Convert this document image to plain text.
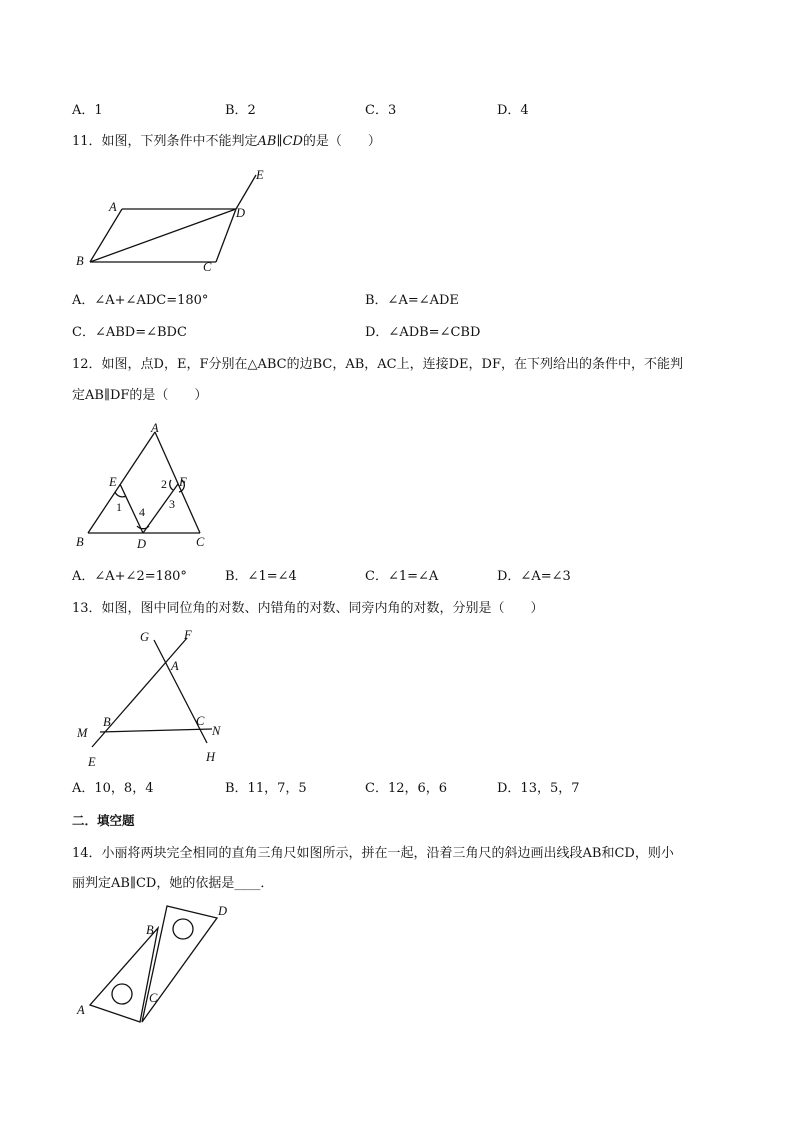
A．1	B．2	C．3	D．4
11．如图，下列条件中不能判定AB∥CD的是（　　）
A
B	C
D
E
A．∠A+∠ADC=180°	B．∠A=∠ADE
C．∠ABD=∠BDC	D．∠ADB=∠CBD
12．如图，点D，E，F分别在△ABC的边BC，AB，AC上，连接DE，DF，在下列给出的条件中，不能判
定AB∥DF的是（　　）
A
B	C
D
E	F
1
2
3
4
A．∠A+∠2=180°	B．∠1=∠4	C．∠1=∠A	D．∠A=∠3
13．如图，图中同位角的对数、内错角的对数、同旁内角的对数，分别是（　　）
G	F
A
B	C
M	N
E	H
A．10，8，4	B．11，7，5	C．12，6，6	D．13，5，7
二．填空题
14．小丽将两块完全相同的直角三角尺如图所示，拼在一起，沿着三角尺的斜边画出线段AB和CD，则小
丽判定AB∥CD，她的依据是____．
A
B
C
D
